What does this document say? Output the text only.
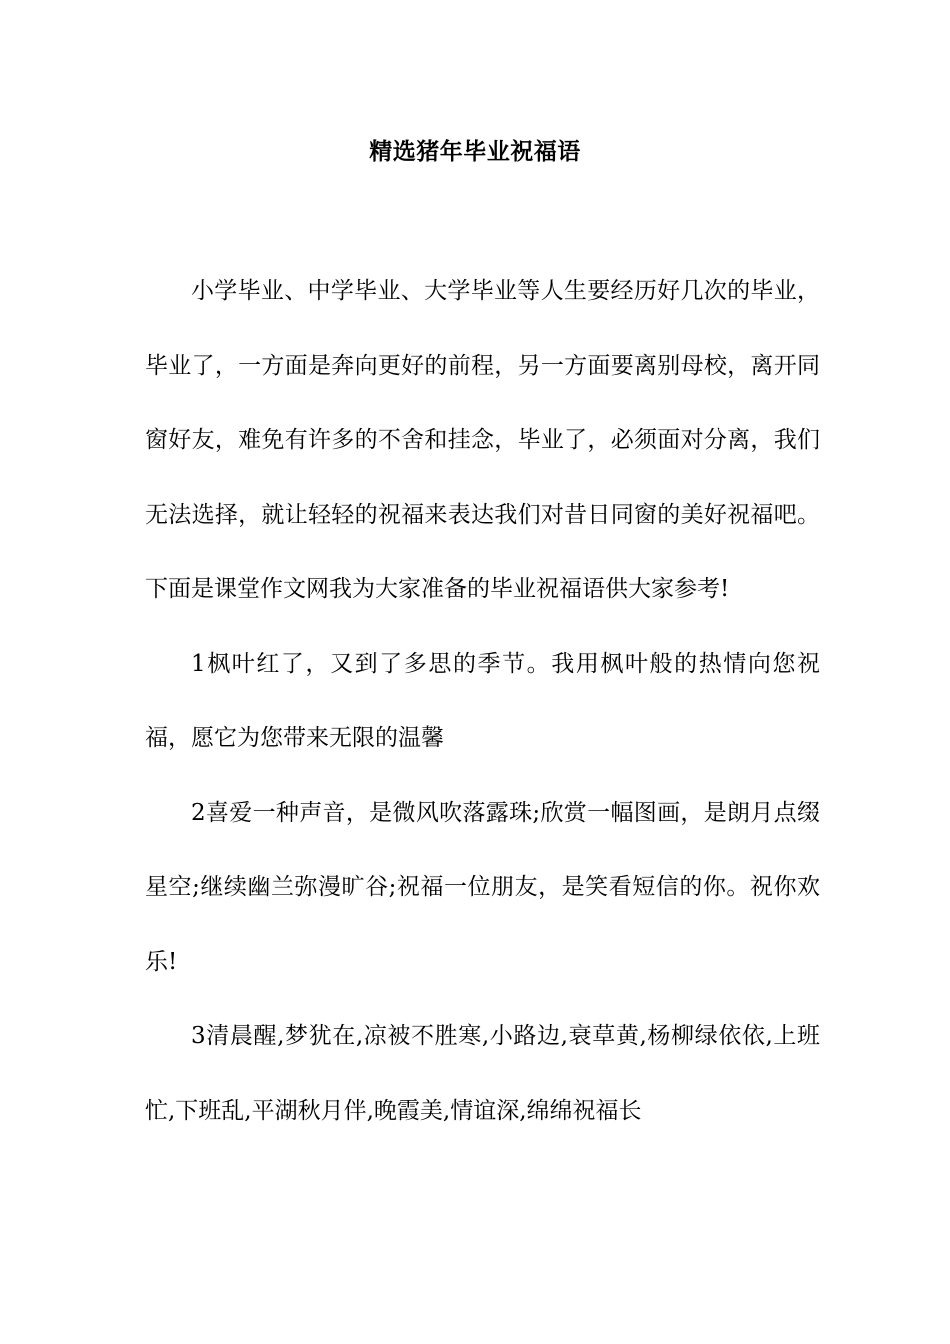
精选猪年毕业祝福语

小学毕业、中学毕业、大学毕业等人生要经历好几次的毕业，毕业了，一方面是奔向更好的前程，另一方面要离别母校，离开同窗好友，难免有许多的不舍和挂念，毕业了，必须面对分离，我们无法选择，就让轻轻的祝福来表达我们对昔日同窗的美好祝福吧。下面是课堂作文网我为大家准备的毕业祝福语供大家参考!

1枫叶红了，又到了多思的季节。我用枫叶般的热情向您祝福，愿它为您带来无限的温馨

2喜爱一种声音，是微风吹落露珠;欣赏一幅图画，是朗月点缀星空;继续幽兰弥漫旷谷;祝福一位朋友，是笑看短信的你。祝你欢乐!

3清晨醒,梦犹在,凉被不胜寒,小路边,衰草黄,杨柳绿依依,上班忙,下班乱,平湖秋月伴,晚霞美,情谊深,绵绵祝福长
